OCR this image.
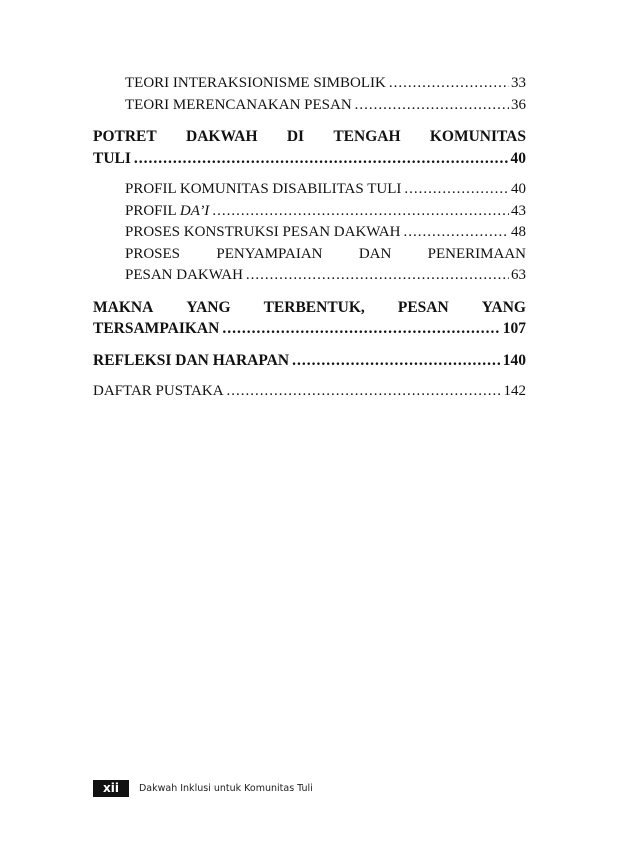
TEORI INTERAKSIONISME SIMBOLIK .....	33
TEORI MERENCANAKAN PESAN .....	36
POTRET DAKWAH DI TENGAH KOMUNITAS
TULI .....	40
PROFIL KOMUNITAS DISABILITAS TULI .....	40
PROFIL DA’I .....	43
PROSES KONSTRUKSI PESAN DAKWAH .....	48
PROSES PENYAMPAIAN DAN PENERIMAAN
PESAN DAKWAH .....	63
MAKNA YANG TERBENTUK, PESAN YANG
TERSAMPAIKAN .....	107
REFLEKSI DAN HARAPAN .....	140
DAFTAR PUSTAKA .....	142
xii	Dakwah Inklusi untuk Komunitas Tuli
